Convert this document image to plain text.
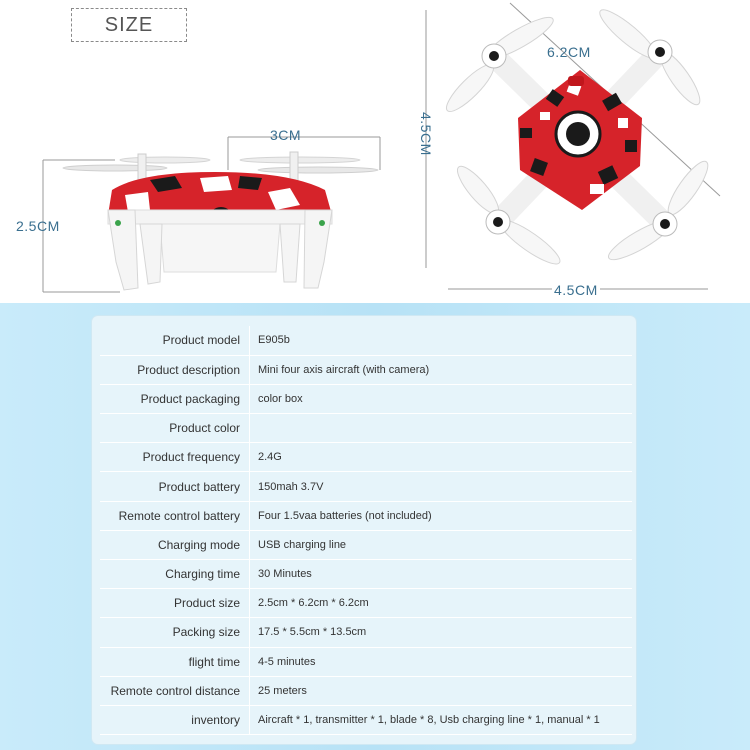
SIZE
3CM
2.5CM
6.2CM
4.5CM
4.5CM
Product model	E905b
Product description	Mini four axis aircraft (with camera)
Product packaging	color box
Product color	
Product frequency	2.4G
Product battery	150mah 3.7V
Remote control battery	Four 1.5vaa batteries (not included)
Charging mode	USB charging line
Charging time	30 Minutes
Product size	2.5cm * 6.2cm * 6.2cm
Packing size	17.5 * 5.5cm * 13.5cm
flight time	4-5 minutes
Remote control distance	25 meters
inventory	Aircraft * 1, transmitter * 1, blade * 8, Usb charging line * 1, manual * 1
